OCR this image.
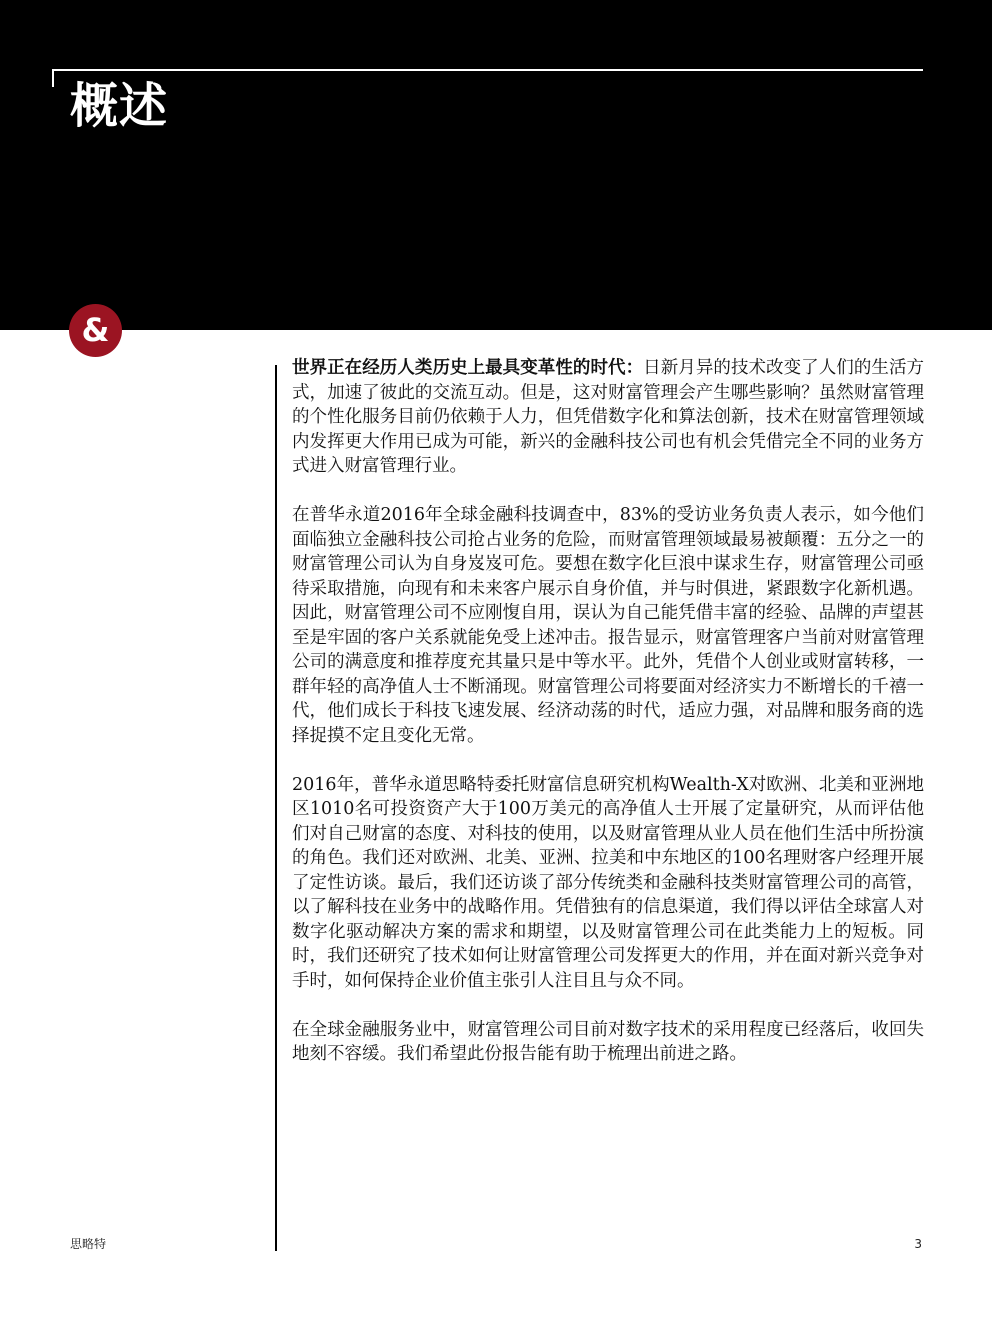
概述
&

世界正在经历人类历史上最具变革性的时代：日新月异的技术改变了人们的生活方式，加速了彼此的交流互动。但是，这对财富管理会产生哪些影响？虽然财富管理的个性化服务目前仍依赖于人力，但凭借数字化和算法创新，技术在财富管理领域内发挥更大作用已成为可能，新兴的金融科技公司也有机会凭借完全不同的业务方式进入财富管理行业。

在普华永道2016年全球金融科技调查中，83%的受访业务负责人表示，如今他们面临独立金融科技公司抢占业务的危险，而财富管理领域最易被颠覆：五分之一的财富管理公司认为自身岌岌可危。要想在数字化巨浪中谋求生存，财富管理公司亟待采取措施，向现有和未来客户展示自身价值，并与时俱进，紧跟数字化新机遇。因此，财富管理公司不应刚愎自用，误认为自己能凭借丰富的经验、品牌的声望甚至是牢固的客户关系就能免受上述冲击。报告显示，财富管理客户当前对财富管理公司的满意度和推荐度充其量只是中等水平。此外，凭借个人创业或财富转移，一群年轻的高净值人士不断涌现。财富管理公司将要面对经济实力不断增长的千禧一代，他们成长于科技飞速发展、经济动荡的时代，适应力强，对品牌和服务商的选择捉摸不定且变化无常。

2016年，普华永道思略特委托财富信息研究机构Wealth-X对欧洲、北美和亚洲地区1010名可投资资产大于100万美元的高净值人士开展了定量研究，从而评估他们对自己财富的态度、对科技的使用，以及财富管理从业人员在他们生活中所扮演的角色。我们还对欧洲、北美、亚洲、拉美和中东地区的100名理财客户经理开展了定性访谈。最后，我们还访谈了部分传统类和金融科技类财富管理公司的高管，以了解科技在业务中的战略作用。凭借独有的信息渠道，我们得以评估全球富人对数字化驱动解决方案的需求和期望，以及财富管理公司在此类能力上的短板。同时，我们还研究了技术如何让财富管理公司发挥更大的作用，并在面对新兴竞争对手时，如何保持企业价值主张引人注目且与众不同。

在全球金融服务业中，财富管理公司目前对数字技术的采用程度已经落后，收回失地刻不容缓。我们希望此份报告能有助于梳理出前进之路。

思略特	3
